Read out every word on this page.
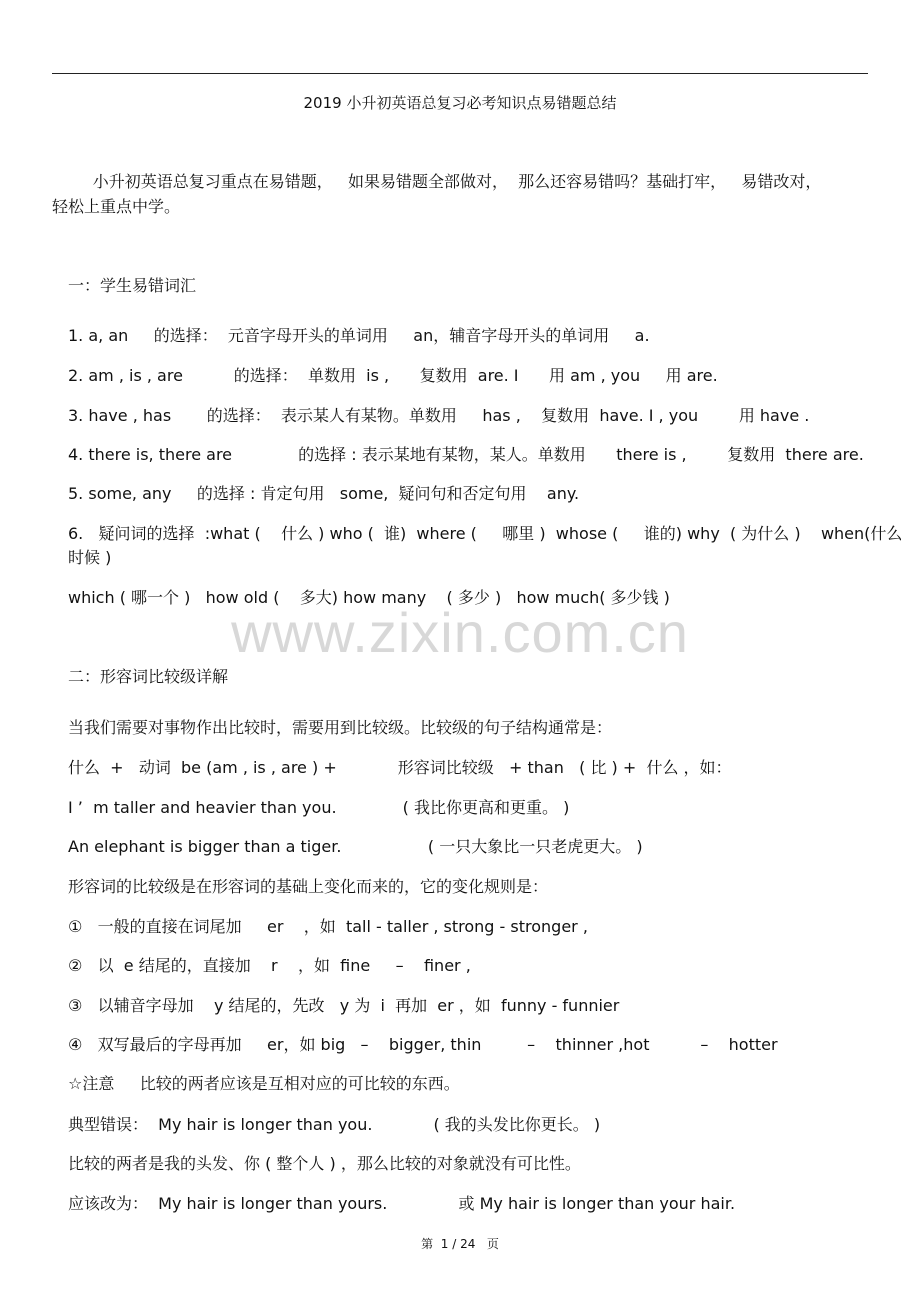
2019 小升初英语总复习必考知识点易错题总结
小升初英语总复习重点在易错题，   如果易错题全部做对，  那么还容易错吗？基础打牢，   易错改对，
轻松上重点中学。
一：学生易错词汇
1. a, an     的选择：  元音字母开头的单词用     an，辅音字母开头的单词用     a.
2. am , is , are          的选择：  单数用  is ,      复数用  are. I      用 am , you     用 are.
3. have , has       的选择：  表示某人有某物。单数用     has ,    复数用  have. I , you        用 have .
4. there is, there are             的选择 : 表示某地有某物，某人。单数用      there is ,        复数用  there are.
5. some, any     的选择 : 肯定句用   some,  疑问句和否定句用    any.
6.   疑问词的选择  :what (    什么 ) who (  谁)  where (     哪里 )  whose (     谁的) why  ( 为什么 )    when(什么
时候 )
which ( 哪一个 )   how old (    多大) how many    ( 多少 )   how much( 多少钱 )
www.zixin.com.cn
二：形容词比较级详解
当我们需要对事物作出比较时，需要用到比较级。比较级的句子结构通常是：
什么  +   动词  be (am , is , are ) +            形容词比较级   + than   ( 比 ) +  什么 ，如：
I ’  m taller and heavier than you.             ( 我比你更高和更重。 )
An elephant is bigger than a tiger.                 ( 一只大象比一只老虎更大。 )
形容词的比较级是在形容词的基础上变化而来的，它的变化规则是：
①   一般的直接在词尾加     er    ，如  tall - taller , strong - stronger ,
②   以  e 结尾的，直接加    r    ，如  fine     –    finer ,
③   以辅音字母加    y 结尾的，先改   y 为  i  再加  er ，如  funny - funnier
④   双写最后的字母再加     er，如 big   –    bigger, thin         –    thinner ,hot          –    hotter
☆注意     比较的两者应该是互相对应的可比较的东西。
典型错误：  My hair is longer than you.            ( 我的头发比你更长。 )
比较的两者是我的头发、你 ( 整个人 ) ，那么比较的对象就没有可比性。
应该改为：  My hair is longer than yours.              或 My hair is longer than your hair.
第  1 / 24   页
